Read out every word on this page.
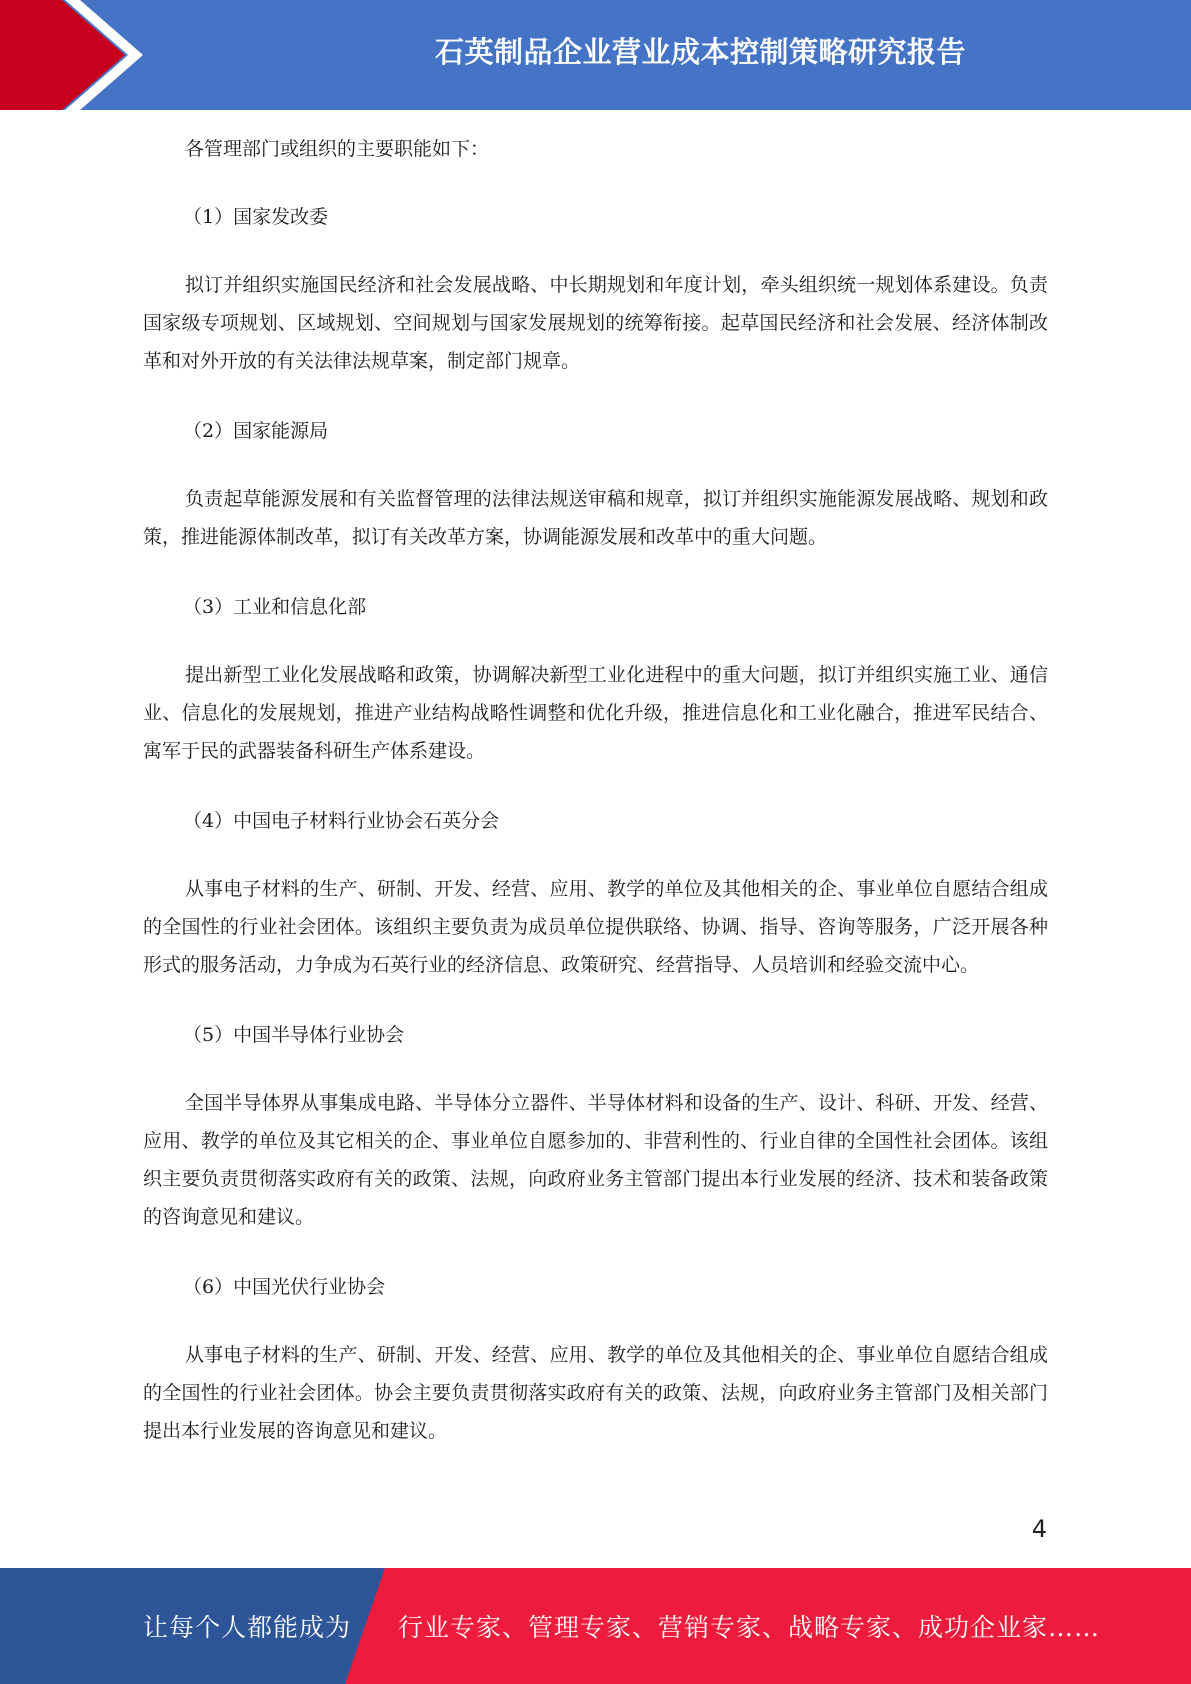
石英制品企业营业成本控制策略研究报告

各管理部门或组织的主要职能如下：

（1）国家发改委

拟订并组织实施国民经济和社会发展战略、中长期规划和年度计划，牵头组织统一规划体系建设。负责国家级专项规划、区域规划、空间规划与国家发展规划的统筹衔接。起草国民经济和社会发展、经济体制改革和对外开放的有关法律法规草案，制定部门规章。

（2）国家能源局

负责起草能源发展和有关监督管理的法律法规送审稿和规章，拟订并组织实施能源发展战略、规划和政策，推进能源体制改革，拟订有关改革方案，协调能源发展和改革中的重大问题。

（3）工业和信息化部

提出新型工业化发展战略和政策，协调解决新型工业化进程中的重大问题，拟订并组织实施工业、通信业、信息化的发展规划，推进产业结构战略性调整和优化升级，推进信息化和工业化融合，推进军民结合、寓军于民的武器装备科研生产体系建设。

（4）中国电子材料行业协会石英分会

从事电子材料的生产、研制、开发、经营、应用、教学的单位及其他相关的企、事业单位自愿结合组成的全国性的行业社会团体。该组织主要负责为成员单位提供联络、协调、指导、咨询等服务，广泛开展各种形式的服务活动，力争成为石英行业的经济信息、政策研究、经营指导、人员培训和经验交流中心。

（5）中国半导体行业协会

全国半导体界从事集成电路、半导体分立器件、半导体材料和设备的生产、设计、科研、开发、经营、应用、教学的单位及其它相关的企、事业单位自愿参加的、非营利性的、行业自律的全国性社会团体。该组织主要负责贯彻落实政府有关的政策、法规，向政府业务主管部门提出本行业发展的经济、技术和装备政策的咨询意见和建议。

（6）中国光伏行业协会

从事电子材料的生产、研制、开发、经营、应用、教学的单位及其他相关的企、事业单位自愿结合组成的全国性的行业社会团体。协会主要负责贯彻落实政府有关的政策、法规，向政府业务主管部门及相关部门提出本行业发展的咨询意见和建议。

4
让每个人都能成为 行业专家、管理专家、营销专家、战略专家、成功企业家……
